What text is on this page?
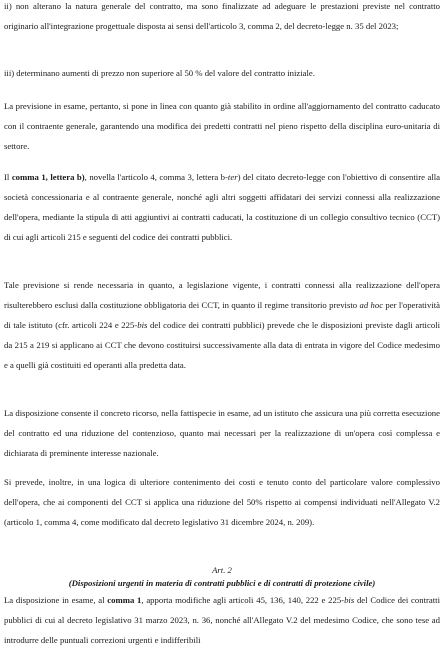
ii) non alterano la natura generale del contratto, ma sono finalizzate ad adeguare le prestazioni previste nel contratto originario all'integrazione progettuale disposta ai sensi dell'articolo 3, comma 2, del decreto-legge n. 35 del 2023;

iii) determinano aumenti di prezzo non superiore al 50 % del valore del contratto iniziale.

La previsione in esame, pertanto, si pone in linea con quanto già stabilito in ordine all'aggiornamento del contratto caducato con il contraente generale, garantendo una modifica dei predetti contratti nel pieno rispetto della disciplina euro-unitaria di settore.

Il comma 1, lettera b), novella l'articolo 4, comma 3, lettera b-ter) del citato decreto-legge con l'obiettivo di consentire alla società concessionaria e al contraente generale, nonché agli altri soggetti affidatari dei servizi connessi alla realizzazione dell'opera, mediante la stipula di atti aggiuntivi ai contratti caducati, la costituzione di un collegio consultivo tecnico (CCT) di cui agli articoli 215 e seguenti del codice dei contratti pubblici.

Tale previsione si rende necessaria in quanto, a legislazione vigente, i contratti connessi alla realizzazione dell'opera risulterebbero esclusi dalla costituzione obbligatoria dei CCT, in quanto il regime transitorio previsto ad hoc per l'operatività di tale istituto (cfr. articoli 224 e 225-bis del codice dei contratti pubblici) prevede che le disposizioni previste dagli articoli da 215 a 219 si applicano ai CCT che devono costituirsi successivamente alla data di entrata in vigore del Codice medesimo e a quelli già costituiti ed operanti alla predetta data.

La disposizione consente il concreto ricorso, nella fattispecie in esame, ad un istituto che assicura una più corretta esecuzione del contratto ed una riduzione del contenzioso, quanto mai necessari per la realizzazione di un'opera così complessa e dichiarata di preminente interesse nazionale.

Si prevede, inoltre, in una logica di ulteriore contenimento dei costi e tenuto conto del particolare valore complessivo dell'opera, che ai componenti del CCT si applica una riduzione del 50% rispetto ai compensi individuati nell'Allegato V.2 (articolo 1, comma 4, come modificato dal decreto legislativo 31 dicembre 2024, n. 209).

Art. 2
(Disposizioni urgenti in materia di contratti pubblici e di contratti di protezione civile)

La disposizione in esame, al comma 1, apporta modifiche agli articoli 45, 136, 140, 222 e 225-bis del Codice dei contratti pubblici di cui al decreto legislativo 31 marzo 2023, n. 36, nonché all'Allegato V.2 del medesimo Codice, che sono tese ad introdurre delle puntuali correzioni urgenti e indifferibili
